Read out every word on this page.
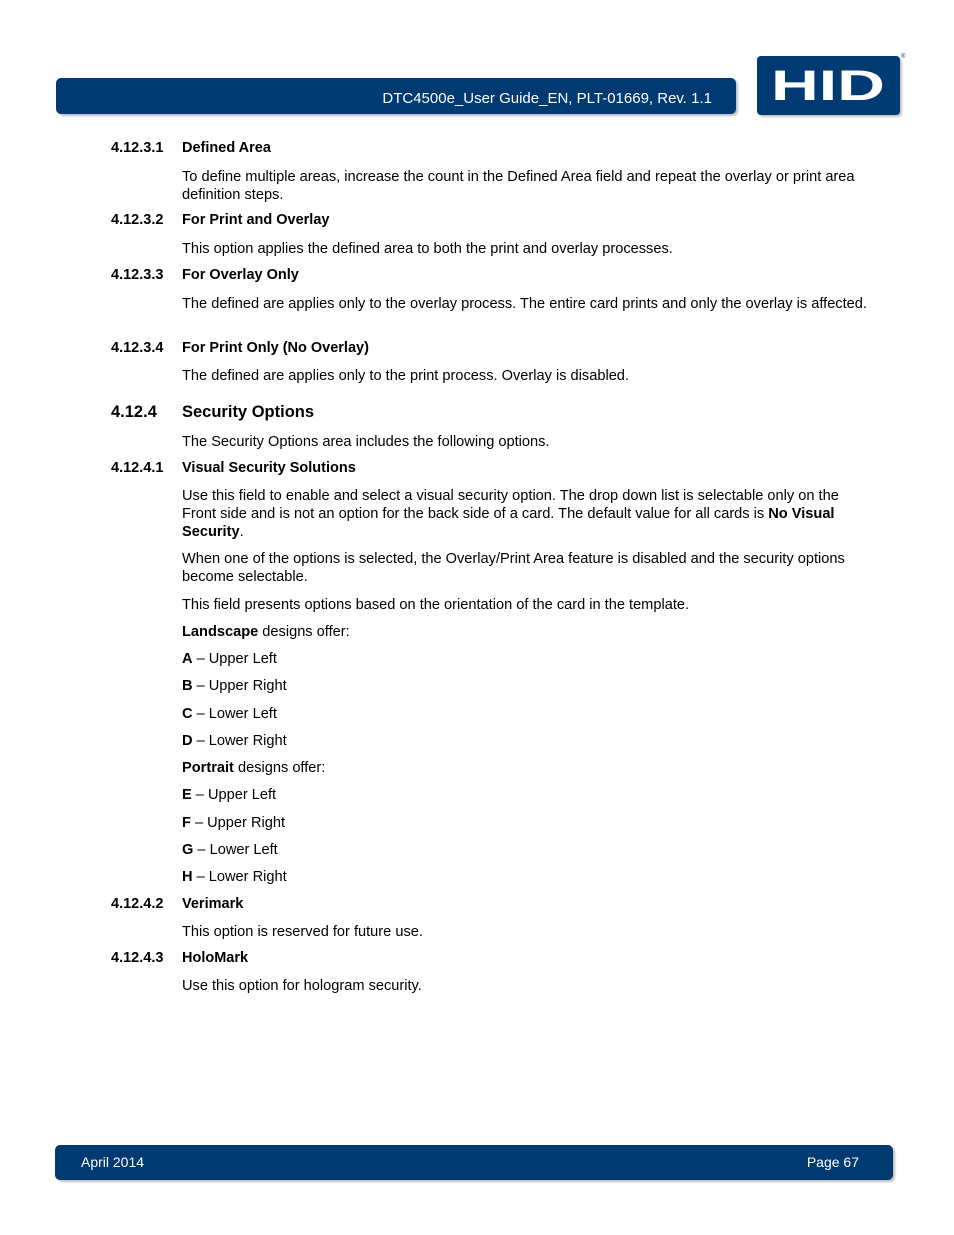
DTC4500e_User Guide_EN, PLT-01669, Rev. 1.1 HID
®
4.12.3.1 Defined Area
To define multiple areas, increase the count in the Defined Area field and repeat the overlay or print area definition steps.
4.12.3.2 For Print and Overlay
This option applies the defined area to both the print and overlay processes.
4.12.3.3 For Overlay Only
The defined are applies only to the overlay process. The entire card prints and only the overlay is affected.
4.12.3.4 For Print Only (No Overlay)
The defined are applies only to the print process. Overlay is disabled.
4.12.4 Security Options
The Security Options area includes the following options.
4.12.4.1 Visual Security Solutions
Use this field to enable and select a visual security option. The drop down list is selectable only on the Front side and is not an option for the back side of a card. The default value for all cards is No Visual Security.
When one of the options is selected, the Overlay/Print Area feature is disabled and the security options become selectable.
This field presents options based on the orientation of the card in the template.
Landscape designs offer:
A – Upper Left
B – Upper Right
C – Lower Left
D – Lower Right
Portrait designs offer:
E – Upper Left
F – Upper Right
G – Lower Left
H – Lower Right
4.12.4.2 Verimark
This option is reserved for future use.
4.12.4.3 HoloMark
Use this option for hologram security.
April 2014	Page 67
